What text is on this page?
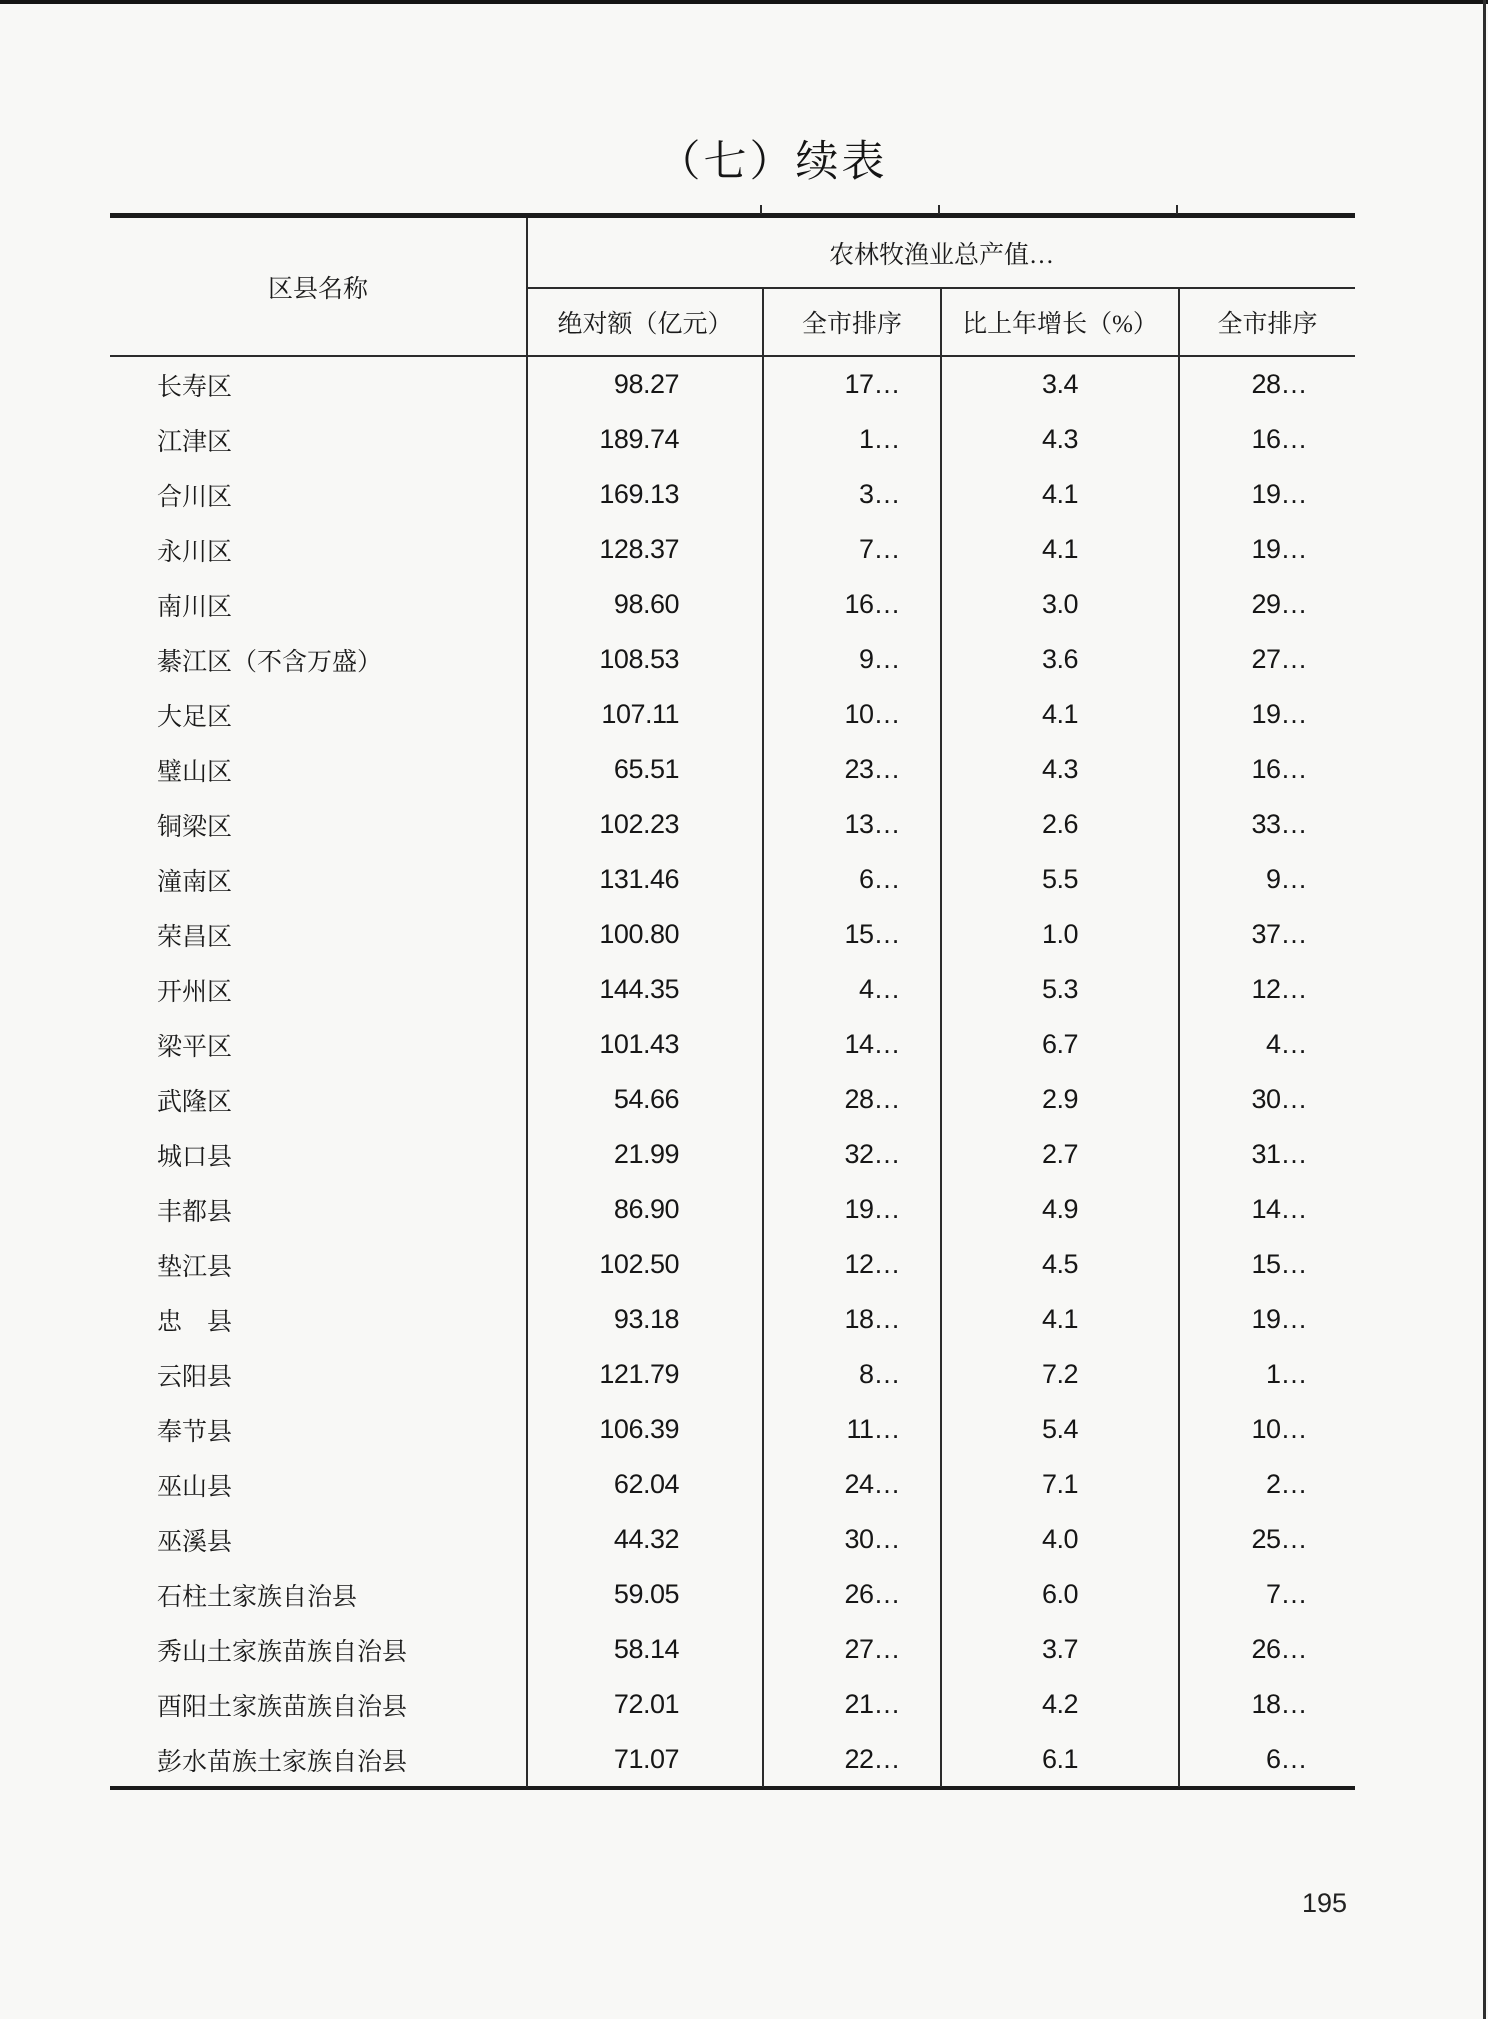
（七）续表
区县名称
农林牧渔业总产值…
绝对额（亿元）	全市排序	比上年增长（%）	全市排序
长寿区	98.27	17…	3.4	28…
江津区	189.74	1…	4.3	16…
合川区	169.13	3…	4.1	19…
永川区	128.37	7…	4.1	19…
南川区	98.60	16…	3.0	29…
綦江区（不含万盛）	108.53	9…	3.6	27…
大足区	107.11	10…	4.1	19…
璧山区	65.51	23…	4.3	16…
铜梁区	102.23	13…	2.6	33…
潼南区	131.46	6…	5.5	9…
荣昌区	100.80	15…	1.0	37…
开州区	144.35	4…	5.3	12…
梁平区	101.43	14…	6.7	4…
武隆区	54.66	28…	2.9	30…
城口县	21.99	32…	2.7	31…
丰都县	86.90	19…	4.9	14…
垫江县	102.50	12…	4.5	15…
忠　县	93.18	18…	4.1	19…
云阳县	121.79	8…	7.2	1…
奉节县	106.39	11…	5.4	10…
巫山县	62.04	24…	7.1	2…
巫溪县	44.32	30…	4.0	25…
石柱土家族自治县	59.05	26…	6.0	7…
秀山土家族苗族自治县	58.14	27…	3.7	26…
酉阳土家族苗族自治县	72.01	21…	4.2	18…
彭水苗族土家族自治县	71.07	22…	6.1	6…
195
